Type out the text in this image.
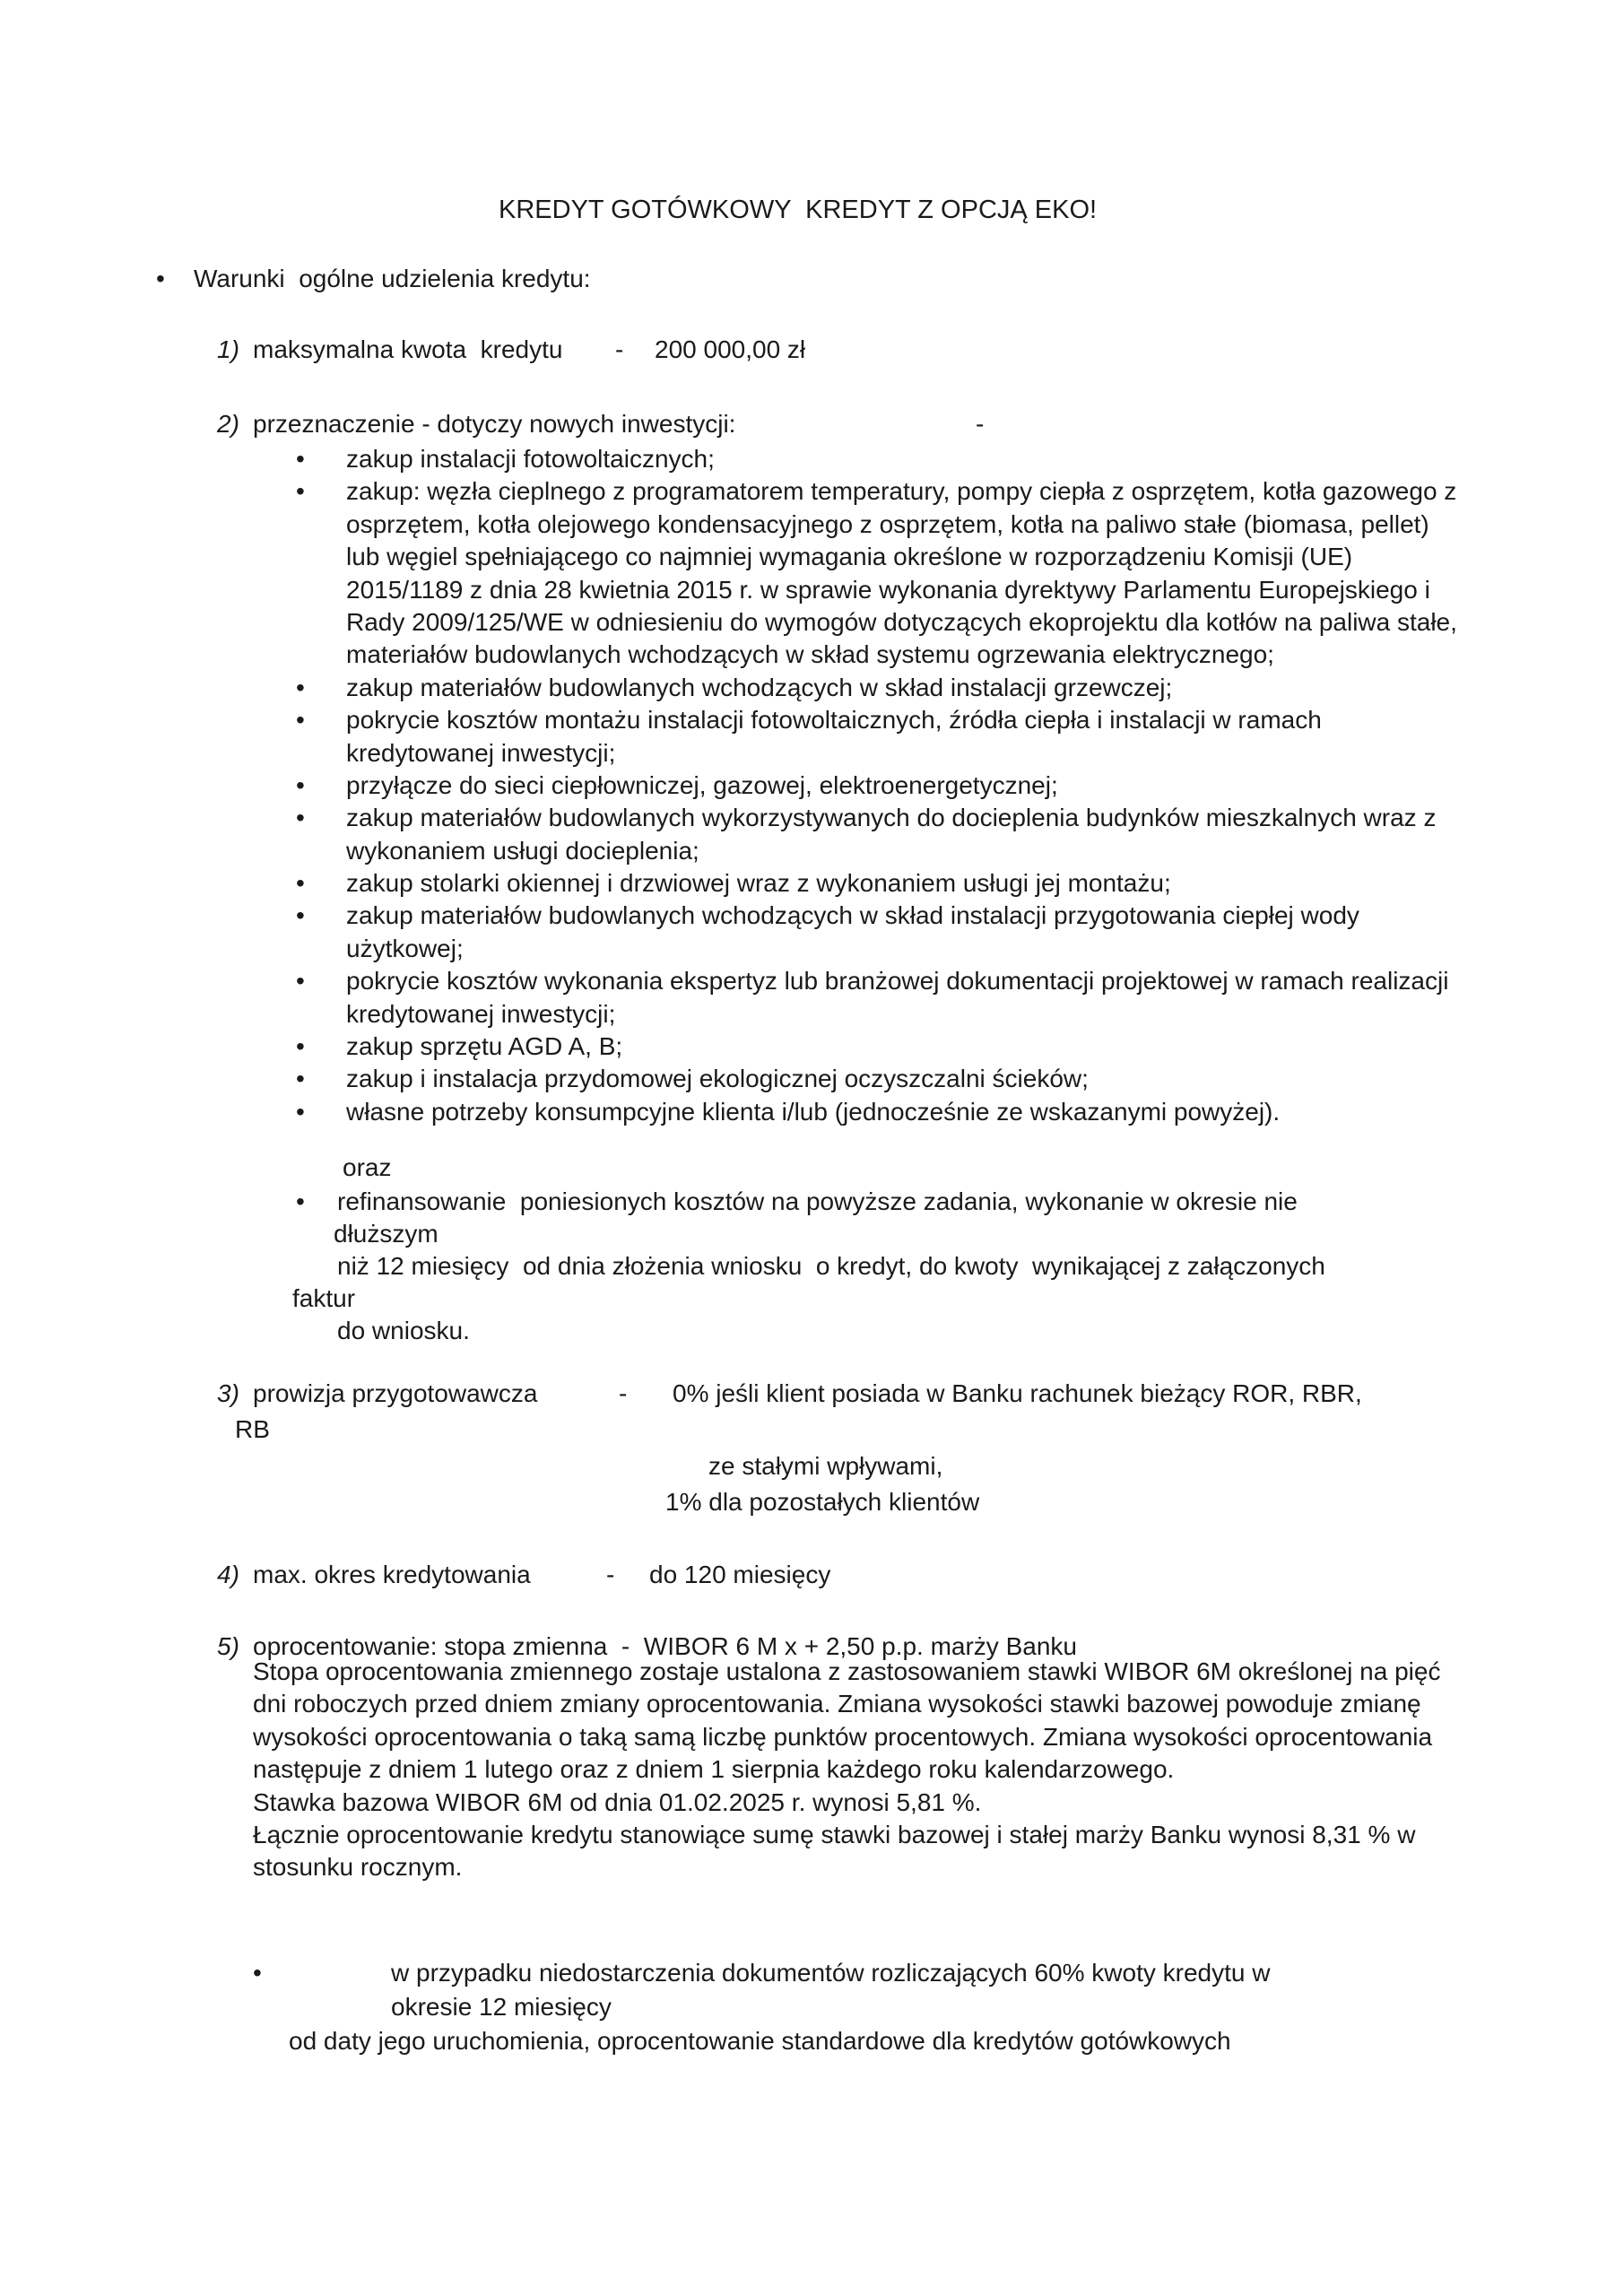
KREDYT GOTÓWKOWY  KREDYT Z OPCJĄ EKO!

•

Warunki  ogólne udzielenia kredytu:

1) maksymalna kwota  kredytu - 200 000,00 zł
2) przeznaczenie - dotyczy nowych inwestycji:	-
• zakup instalacji fotowoltaicznych;
• zakup: węzła cieplnego z programatorem temperatury, pompy ciepła z osprzętem, kotła gazowego z osprzętem, kotła olejowego kondensacyjnego z osprzętem, kotła na paliwo stałe (biomasa, pellet) lub węgiel spełniającego co najmniej wymagania określone w rozporządzeniu Komisji (UE) 2015/1189 z dnia 28 kwietnia 2015 r. w sprawie wykonania dyrektywy Parlamentu Europejskiego i Rady 2009/125/WE w odniesieniu do wymogów dotyczących ekoprojektu dla kotłów na paliwa stałe, materiałów budowlanych wchodzących w skład systemu ogrzewania elektrycznego;
• zakup materiałów budowlanych wchodzących w skład instalacji grzewczej;
• pokrycie kosztów montażu instalacji fotowoltaicznych, źródła ciepła i instalacji w ramach kredytowanej inwestycji;
• przyłącze do sieci ciepłowniczej, gazowej, elektroenergetycznej;
• zakup materiałów budowlanych wykorzystywanych do docieplenia budynków mieszkalnych wraz z wykonaniem usługi docieplenia;
• zakup stolarki okiennej i drzwiowej wraz z wykonaniem usługi jej montażu;
• zakup materiałów budowlanych wchodzących w skład instalacji przygotowania ciepłej wody użytkowej;
• pokrycie kosztów wykonania ekspertyz lub branżowej dokumentacji projektowej w ramach realizacji kredytowanej inwestycji;
• zakup sprzętu AGD A, B;
• zakup i instalacja przydomowej ekologicznej oczyszczalni ścieków;
• własne potrzeby konsumpcyjne klienta i/lub (jednocześnie ze wskazanymi powyżej).
oraz
• refinansowanie  poniesionych kosztów na powyższe zadania, wykonanie w okresie nie
dłuższym
niż 12 miesięcy  od dnia złożenia wniosku  o kredyt, do kwoty  wynikającej z załączonych
faktur
do wniosku.
3) prowizja przygotowawcza	- 0% jeśli klient posiada w Banku rachunek bieżący ROR, RBR,
RB
ze stałymi wpływami,
1% dla pozostałych klientów
4) max. okres kredytowania	- do 120 miesięcy
5) oprocentowanie: stopa zmienna  -  WIBOR 6 M x + 2,50 p.p. marży Banku

Stopa oprocentowania zmiennego zostaje ustalona z zastosowaniem stawki WIBOR 6M określonej na pięć dni roboczych przed dniem zmiany oprocentowania. Zmiana wysokości stawki bazowej powoduje zmianę wysokości oprocentowania o taką samą liczbę punktów procentowych. Zmiana wysokości oprocentowania następuje z dniem 1 lutego oraz z dniem 1 sierpnia każdego roku kalendarzowego.

Stawka bazowa WIBOR 6M od dnia 01.02.2025 r. wynosi 5,81 %.

Łącznie oprocentowanie kredytu stanowiące sumę stawki bazowej i stałej marży Banku wynosi 8,31 % w stosunku rocznym.

•	w przypadku niedostarczenia dokumentów rozliczających 60% kwoty kredytu w
okresie 12 miesięcy
od daty jego uruchomienia, oprocentowanie standardowe dla kredytów gotówkowych
